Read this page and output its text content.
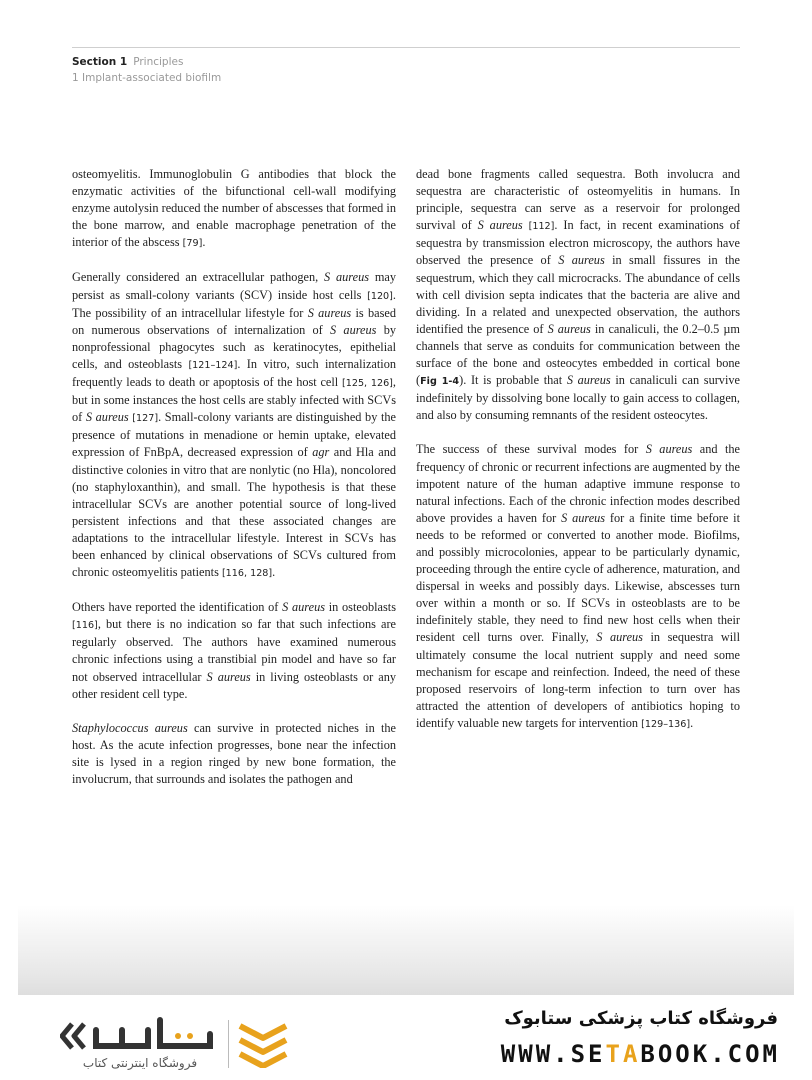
Section 1 Principles
1 Implant-associated biofilm

osteomyelitis. Immunoglobulin G antibodies that block the enzymatic activities of the bifunctional cell-wall modifying enzyme autolysin reduced the number of abscesses that formed in the bone marrow, and enable macrophage penetration of the interior of the abscess [79].

Generally considered an extracellular pathogen, S aureus may persist as small-colony variants (SCV) inside host cells [120]. The possibility of an intracellular lifestyle for S aureus is based on numerous observations of internalization of S aureus by nonprofessional phagocytes such as keratinocytes, epithelial cells, and osteoblasts [121–124]. In vitro, such internalization frequently leads to death or apoptosis of the host cell [125, 126], but in some instances the host cells are stably infected with SCVs of S aureus [127]. Small-colony variants are distinguished by the presence of mutations in menadione or hemin uptake, elevated expression of FnBpA, decreased expression of agr and Hla and distinctive colonies in vitro that are nonlytic (no Hla), noncolored (no staphyloxanthin), and small. The hypothesis is that these intracellular SCVs are another potential source of long-lived persistent infections and that these associated changes are adaptations to the intracellular lifestyle. Interest in SCVs has been enhanced by clinical observations of SCVs cultured from chronic osteomyelitis patients [116, 128].

Others have reported the identification of S aureus in osteoblasts [116], but there is no indication so far that such infections are regularly observed. The authors have examined numerous chronic infections using a transtibial pin model and have so far not observed intracellular S aureus in living osteoblasts or any other resident cell type.

Staphylococcus aureus can survive in protected niches in the host. As the acute infection progresses, bone near the infection site is lysed in a region ringed by new bone formation, the involucrum, that surrounds and isolates the pathogen and

dead bone fragments called sequestra. Both involucra and sequestra are characteristic of osteomyelitis in humans. In principle, sequestra can serve as a reservoir for prolonged survival of S aureus [112]. In fact, in recent examinations of sequestra by transmission electron microscopy, the authors have observed the presence of S aureus in small fissures in the sequestrum, which they call microcracks. The abundance of cells with cell division septa indicates that the bacteria are alive and dividing. In a related and unexpected observation, the authors identified the presence of S aureus in canaliculi, the 0.2–0.5 µm channels that serve as conduits for communication between the surface of the bone and osteocytes embedded in cortical bone (Fig 1-4). It is probable that S aureus in canaliculi can survive indefinitely by dissolving bone locally to gain access to collagen, and also by consuming remnants of the resident osteocytes.

The success of these survival modes for S aureus and the frequency of chronic or recurrent infections are augmented by the impotent nature of the human adaptive immune response to natural infections. Each of the chronic infection modes described above provides a haven for S aureus for a finite time before it needs to be reformed or converted to another mode. Biofilms, and possibly microcolonies, appear to be particularly dynamic, proceeding through the entire cycle of adherence, maturation, and dispersal in weeks and possibly days. Likewise, abscesses turn over within a month or so. If SCVs in osteoblasts are to be indefinitely stable, they need to find new host cells when their resident cell turns over. Finally, S aureus in sequestra will ultimately consume the local nutrient supply and need some mechanism for escape and reinfection. Indeed, the need of these proposed reservoirs of long-term infection to turn over has attracted the attention of developers of antibiotics hoping to identify valuable new targets for intervention [129–136].

فروشگاه اینترنتی کتاب
فروشگاه کتاب پزشکی ستابوک
WWW.SETABOOK.COM
